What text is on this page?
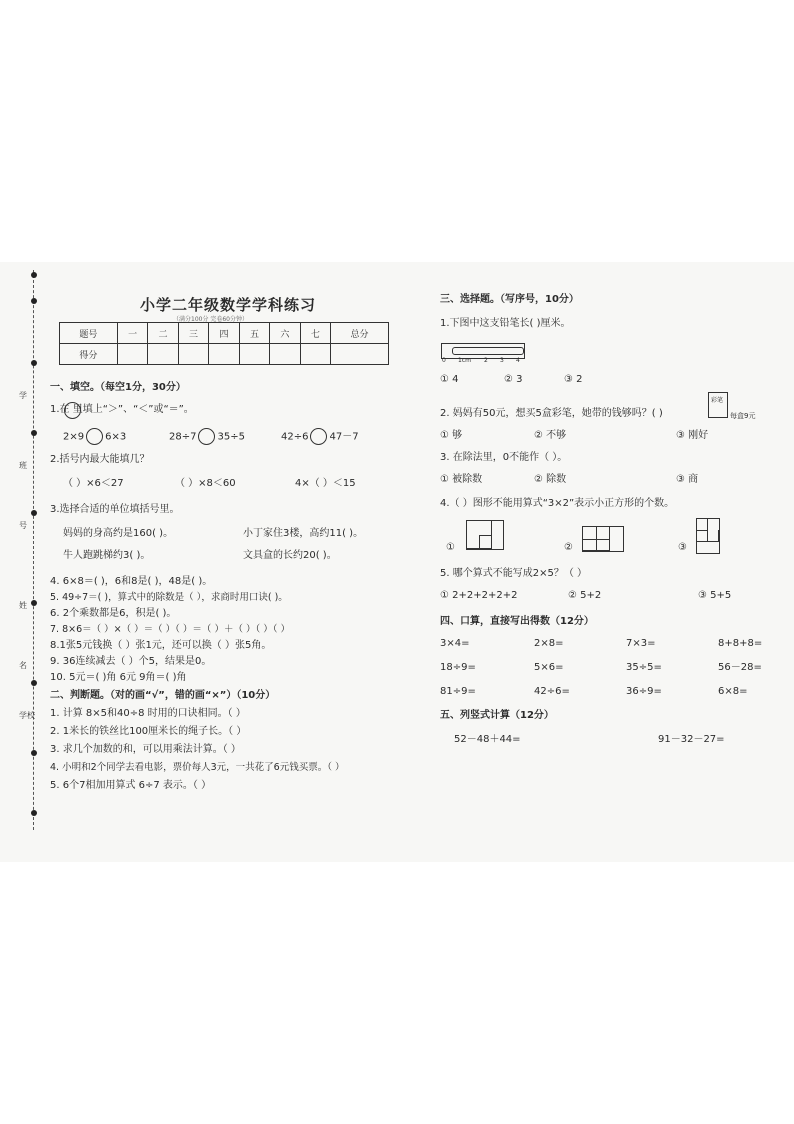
学
班
号
姓
名
学校
小学二年级数学学科练习
（满分100分 完卷60分钟）
题号	一	二	三	四	五	六	七	总分
得分								
一、填空。（每空1分，30分）
1.在 里填上“＞”、“＜”或“＝”。
2×9 6×3	28÷7 35÷5	42÷6 47－7
2.括号内最大能填几？
（ ）×6＜27	（ ）×8＜60	4×（ ）＜15
3.选择合适的单位填括号里。
妈妈的身高约是160( )。	小丁家住3楼，高约11( )。
牛人跑跳梯约3( )。	文具盒的长约20( )。
4. 6×8＝( )，6和8是( )，48是( )。
5. 49÷7＝( )，算式中的除数是（ ），求商时用口诀( )。
6. 2个乘数都是6，积是( )。
7. 8×6＝（ ）×（ ）＝（ ）（ ）＝（ ）＋（ ）（ ）（ ）
8.1张5元钱换（ ）张1元，还可以换（ ）张5角。
9. 36连续减去（ ）个5，结果是0。
10. 5元＝( )角 6元 9角＝( )角
二、判断题。（对的画“√”，错的画“×”）（10分）
1. 计算 8×5和40÷8 时用的口诀相同。（ ）
2. 1米长的铁丝比100厘米长的绳子长。（ ）
3. 求几个加数的和，可以用乘法计算。（ ）
4. 小明和2个同学去看电影，票价每人3元，一共花了6元钱买票。（ ）
5. 6个7相加用算式 6÷7 表示。（ ）
三、选择题。（写序号，10分）
1.下图中这支铅笔长( )厘米。
0 1cm 2 3 4
① 4	② 3	③ 2
彩笔
每盒9元
2. 妈妈有50元，想买5盒彩笔，她带的钱够吗？( )
① 够	② 不够	③ 刚好
3. 在除法里，0不能作（ ）。
① 被除数	② 除数	③ 商
4.（ ）图形不能用算式“3×2”表示小正方形的个数。
①	②	③
5. 哪个算式不能写成2×5？（ ）
① 2+2+2+2+2	② 5+2	③ 5+5
四、口算，直接写出得数（12分）
3×4=	2×8=	7×3=	8+8+8=
18÷9=	5×6=	35÷5=	56－28=
81÷9=	42÷6=	36÷9=	6×8=
五、列竖式计算（12分）
52－48＋44=	91－32－27=
